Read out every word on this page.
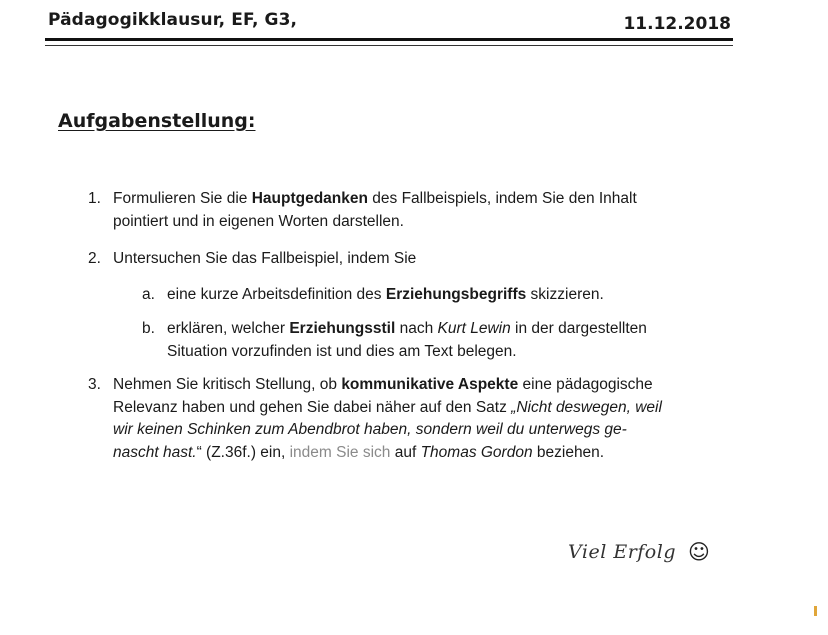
Pädagogikklausur, EF, G3,	11.12.2018
Aufgabenstellung:
1. Formulieren Sie die Hauptgedanken des Fallbeispiels, indem Sie den Inhalt
pointiert und in eigenen Worten darstellen.
2. Untersuchen Sie das Fallbeispiel, indem Sie
a. eine kurze Arbeitsdefinition des Erziehungsbegriffs skizzieren.
b. erklären, welcher Erziehungsstil nach Kurt Lewin in der dargestellten
Situation vorzufinden ist und dies am Text belegen.
3. Nehmen Sie kritisch Stellung, ob kommunikative Aspekte eine pädagogische
Relevanz haben und gehen Sie dabei näher auf den Satz „Nicht deswegen, weil
wir keinen Schinken zum Abendbrot haben, sondern weil du unterwegs ge-
nascht hast.“ (Z.36f.) ein, indem Sie sich auf Thomas Gordon beziehen.
Viel Erfolg ☺
